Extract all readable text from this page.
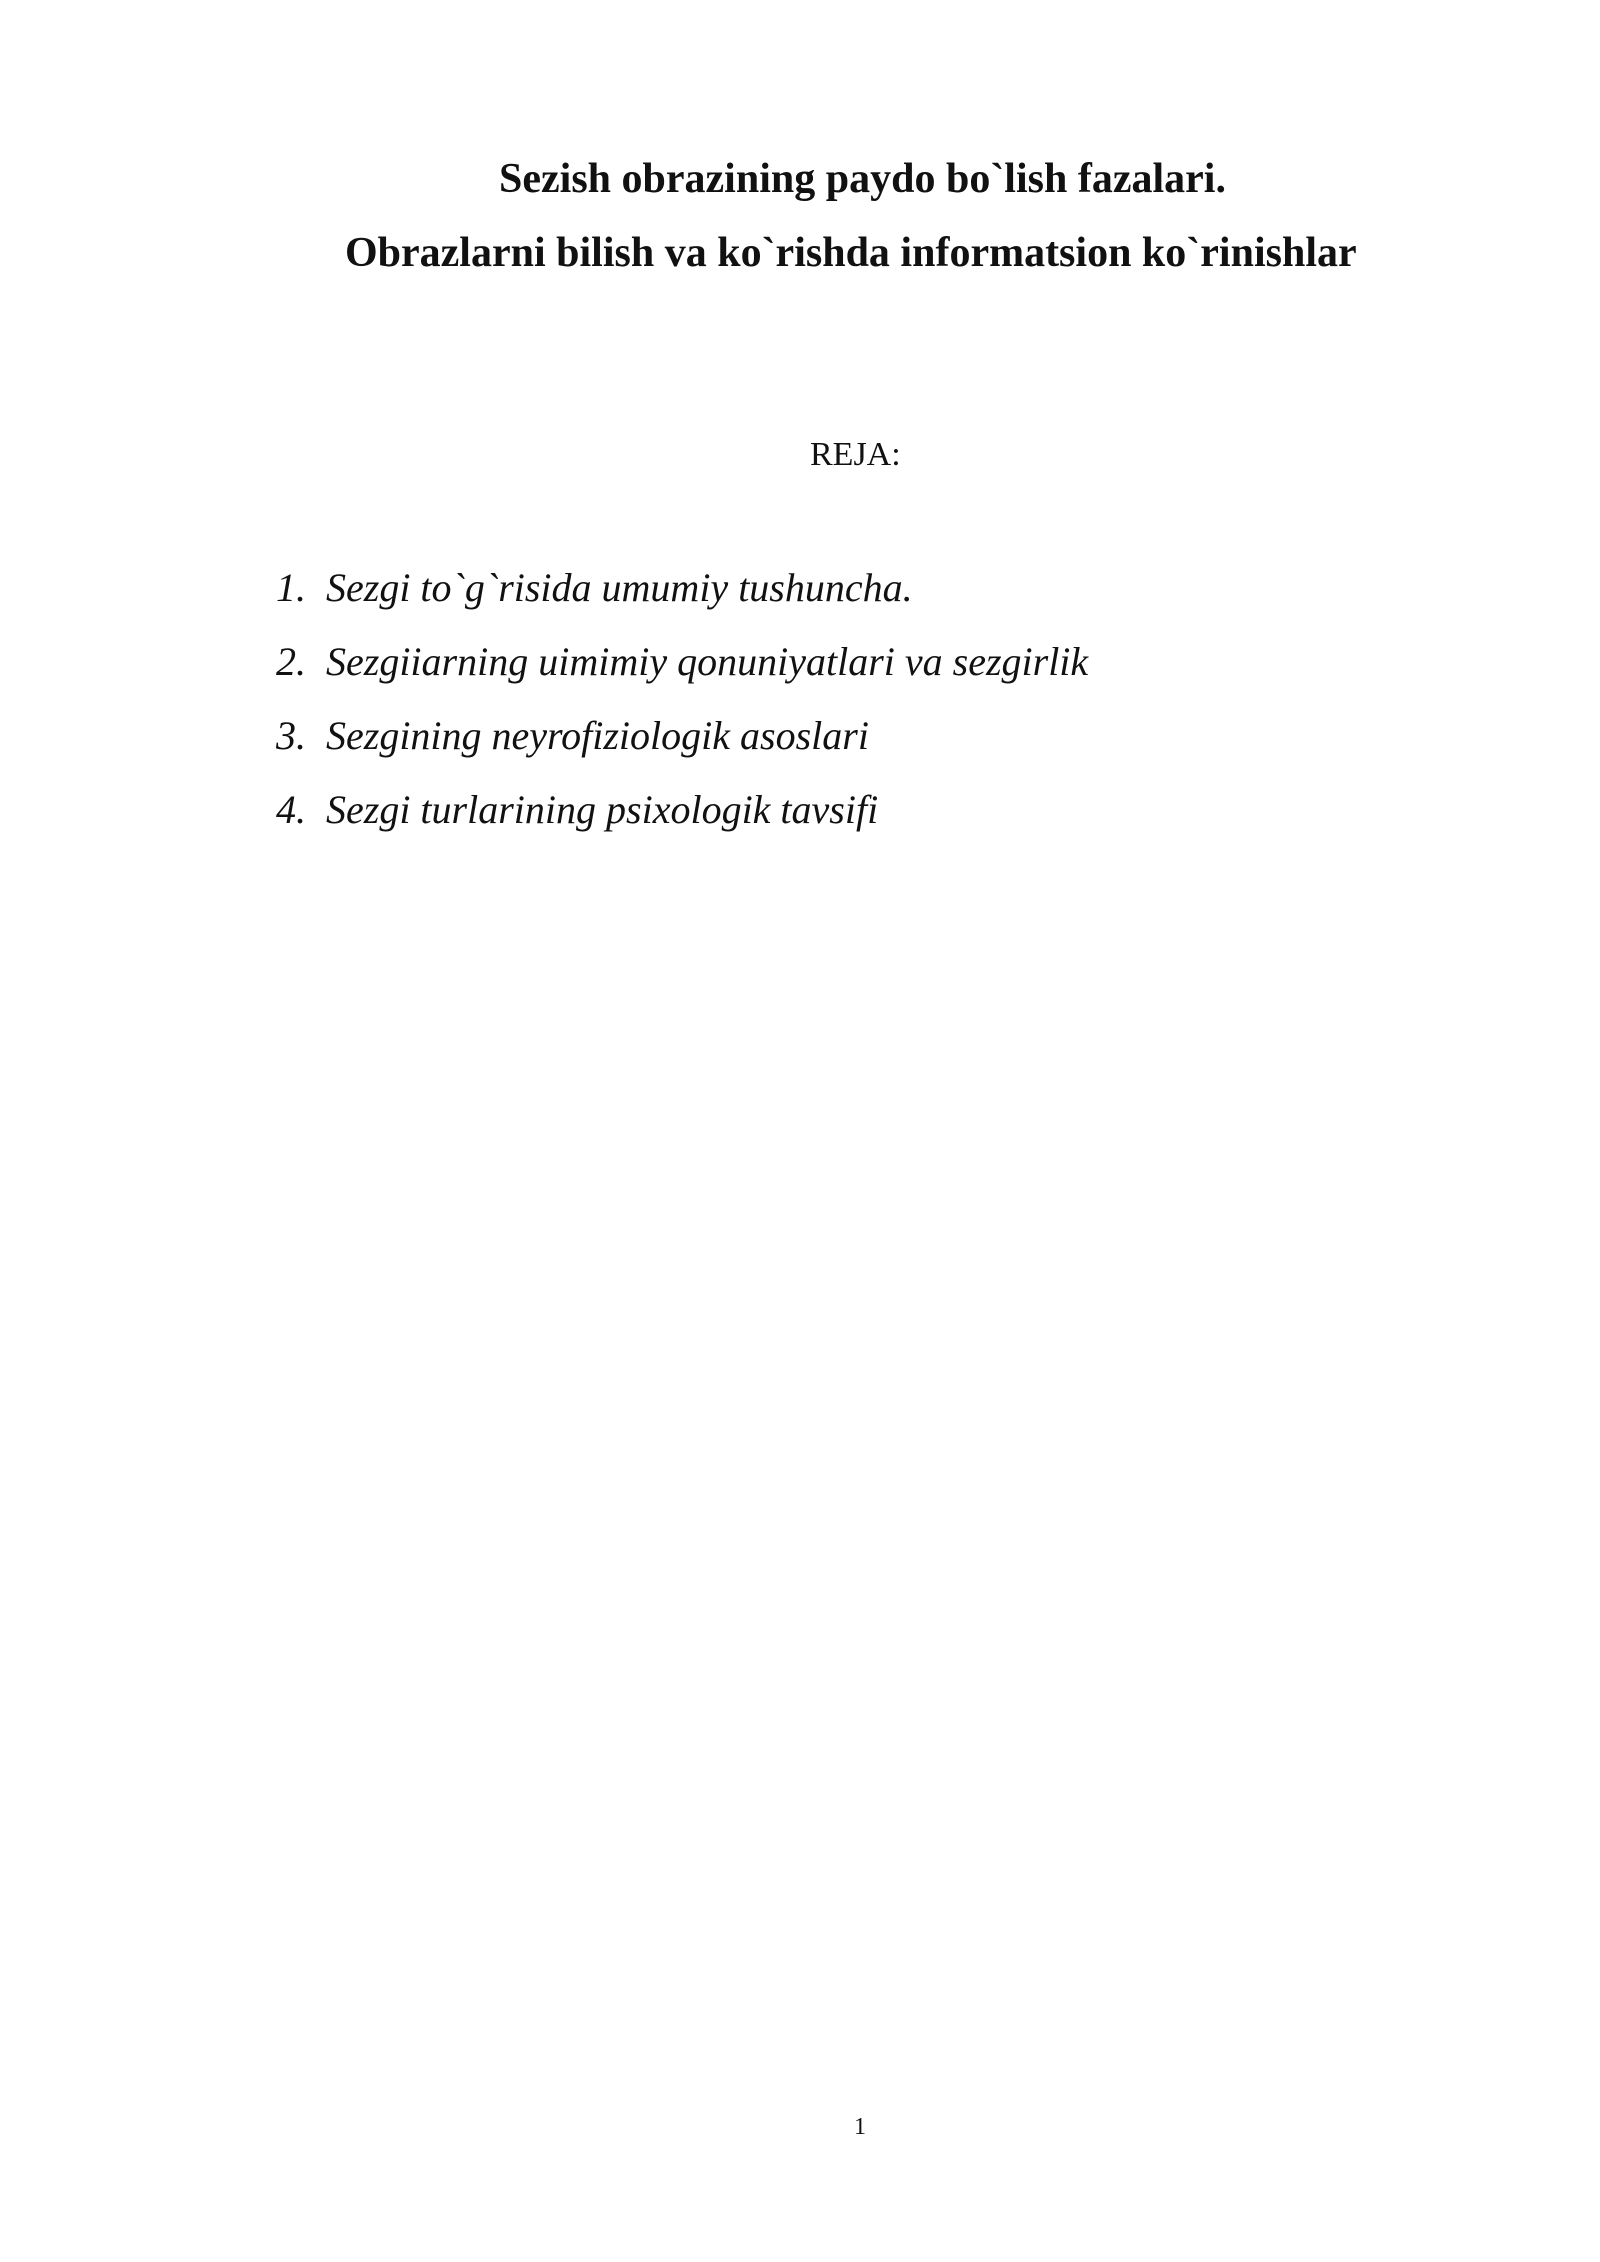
Sezish obrazining paydo bo`lish fazalari.
Obrazlarni bilish va ko`rishda informatsion ko`rinishlar
REJA:
1. Sezgi to`g`risida umumiy tushuncha.
2. Sezgiiarning uimimiy qonuniyatlari va sezgirlik
3. Sezgining neyrofiziologik asoslari
4. Sezgi turlarining psixologik tavsifi
1
